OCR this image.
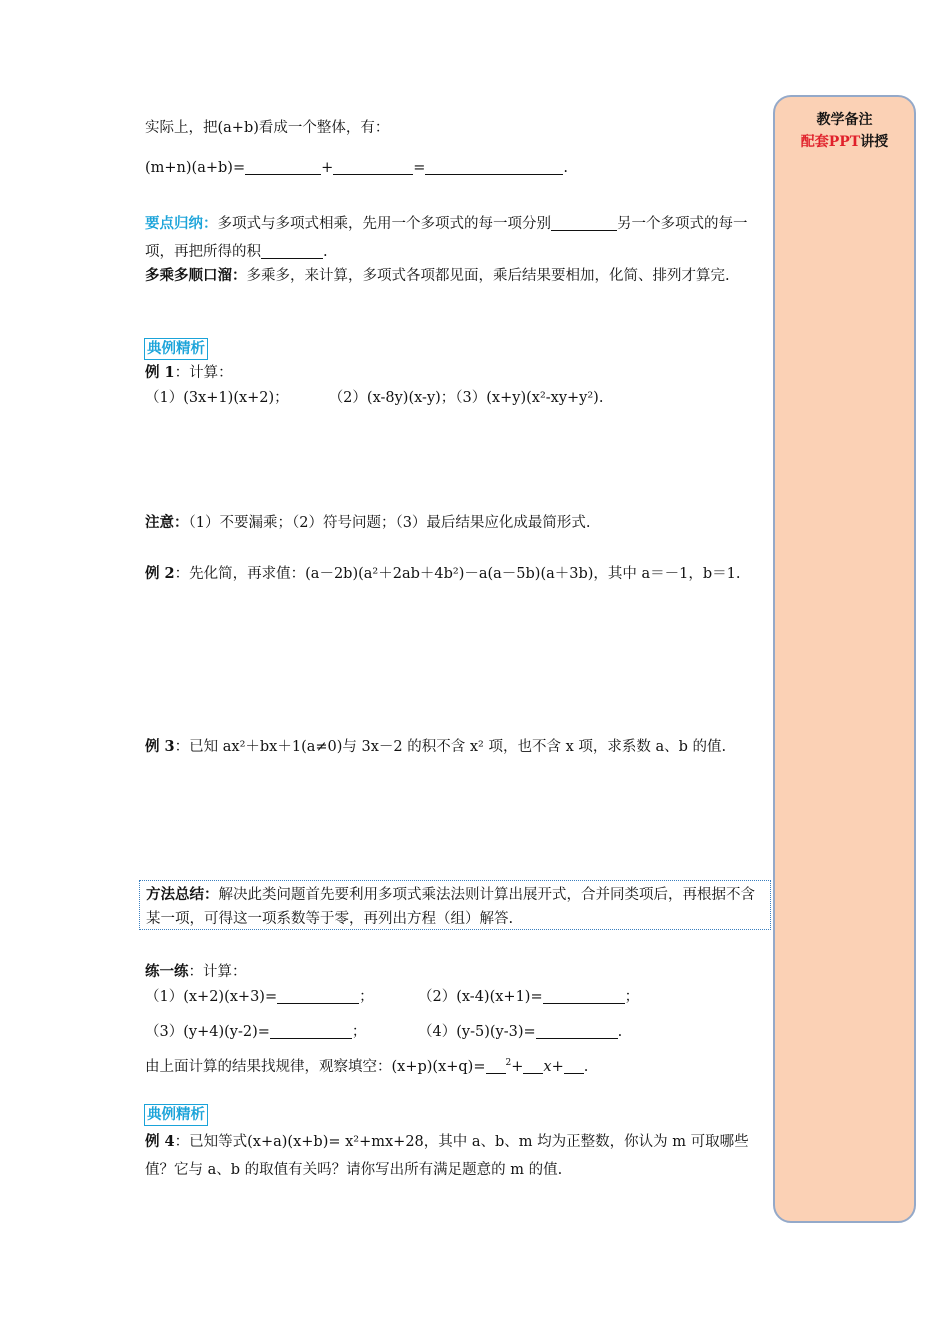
教学备注
配套PPT讲授
实际上，把(a+b)看成一个整体，有：
(m+n)(a+b)=	+	=	.
要点归纳：多项式与多项式相乘，先用一个多项式的每一项分别	另一个多项式的每一项，再把所得的积	.
多乘多顺口溜：多乘多，来计算，多项式各项都见面，乘后结果要相加，化简、排列才算完.
典例精析
例 1：计算：
（1）(3x+1)(x+2)；	（2）(x-8y)(x-y)；（3）(x+y)(x²-xy+y²).
注意：（1）不要漏乘；（2）符号问题；（3）最后结果应化成最简形式.
例 2：先化简，再求值：(a－2b)(a²＋2ab＋4b²)－a(a－5b)(a＋3b)，其中 a＝－1，b＝1.
例 3：已知 ax²＋bx＋1(a≠0)与 3x－2 的积不含 x² 项，也不含 x 项，求系数 a、b 的值.
方法总结：解决此类问题首先要利用多项式乘法法则计算出展开式，合并同类项后，再根据不含某一项，可得这一项系数等于零，再列出方程（组）解答.
练一练：计算：
（1）(x+2)(x+3)=	；	（2）(x-4)(x+1)=	；
（3）(y+4)(y-2)=	；	（4）(y-5)(y-3)=	.
由上面计算的结果找规律，观察填空：(x+p)(x+q)= $^2$+ x+ .
典例精析
例 4：已知等式(x+a)(x+b)= x²+mx+28，其中 a、b、m 均为正整数，你认为 m 可取哪些值？它与 a、b 的取值有关吗？请你写出所有满足题意的 m 的值.
